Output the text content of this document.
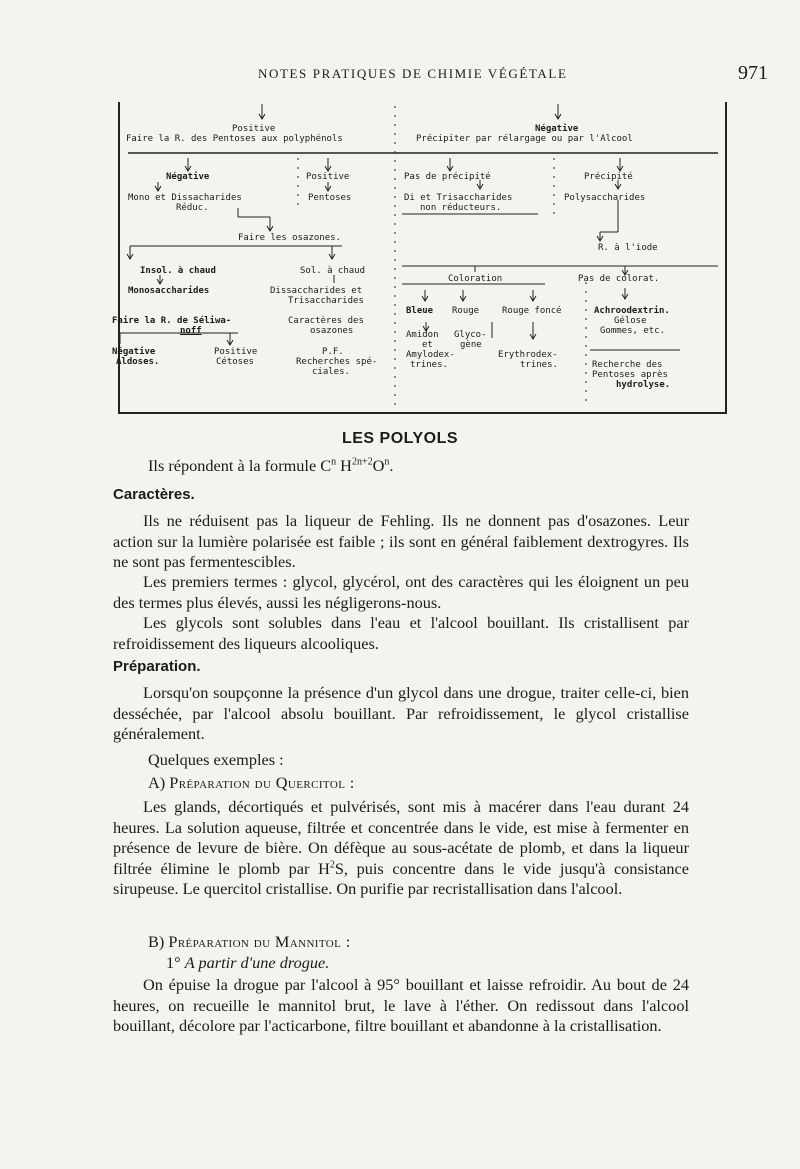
NOTES PRATIQUES DE CHIMIE VÉGÉTALE	971
Positive
Faire la R. des Pentoses aux polyphénols
Négative
Précipiter par rélargage ou par l'Alcool
Négative	Positive
Mono et Dissacharides
Réduc.
Pentoses
Faire les osazones.
Insol. à chaud
Monosaccharides
Sol. à chaud
Dissaccharides et
Trisaccharides
Faire la R. de Séliwa-
noff
Caractères des
osazones
Négative
Aldoses.
Positive
Cétoses
P.F.
Recherches spé-
ciales.
Pas de précipité	Précipité
Di et Trisaccharides
non réducteurs.
Polysaccharides
R. à l'iode
Coloration	Pas de colorat.
Bleue Rouge	Rouge foncé	Achroodextrin.
Gélose
Gommes, etc.
Amidon Glyco-
et	gène
Amylodex-
trines.
Erythrodex-
trines.	Recherche des
Pentoses après
hydrolyse.
LES POLYOLS
Ils répondent à la formule $C^n$ $H^{2n+2}O^n$.
Caractères.
Ils ne réduisent pas la liqueur de Fehling. Ils ne donnent pas d'osazones. Leur action sur la lumière polarisée est faible ; ils sont en général faiblement dextrogyres. Ils ne sont pas fermentescibles.
Les premiers termes : glycol, glycérol, ont des caractères qui les éloignent un peu des termes plus élevés, aussi les négligerons-nous.
Les glycols sont solubles dans l'eau et l'alcool bouillant. Ils cristallisent par refroidissement des liqueurs alcooliques.
Préparation.
Lorsqu'on soupçonne la présence d'un glycol dans une drogue, traiter celle-ci, bien desséchée, par l'alcool absolu bouillant. Par refroidissement, le glycol cristallise généralement.
Quelques exemples :
A) Préparation du Quercitol :
Les glands, décortiqués et pulvérisés, sont mis à macérer dans l'eau durant 24 heures. La solution aqueuse, filtrée et concentrée dans le vide, est mise à fermenter en présence de levure de bière. On défèque au sous-acétate de plomb, et dans la liqueur filtrée élimine le plomb par $H^2S$, puis concentre dans le vide jusqu'à consistance sirupeuse. Le quercitol cristallise. On purifie par recristallisation dans l'alcool.
B) Préparation du Mannitol :
1° A partir d'une drogue.
On épuise la drogue par l'alcool à 95° bouillant et laisse refroidir. Au bout de 24 heures, on recueille le mannitol brut, le lave à l'éther. On redissout dans l'alcool bouillant, décolore par l'acticarbone, filtre bouillant et abandonne à la cristallisation.
